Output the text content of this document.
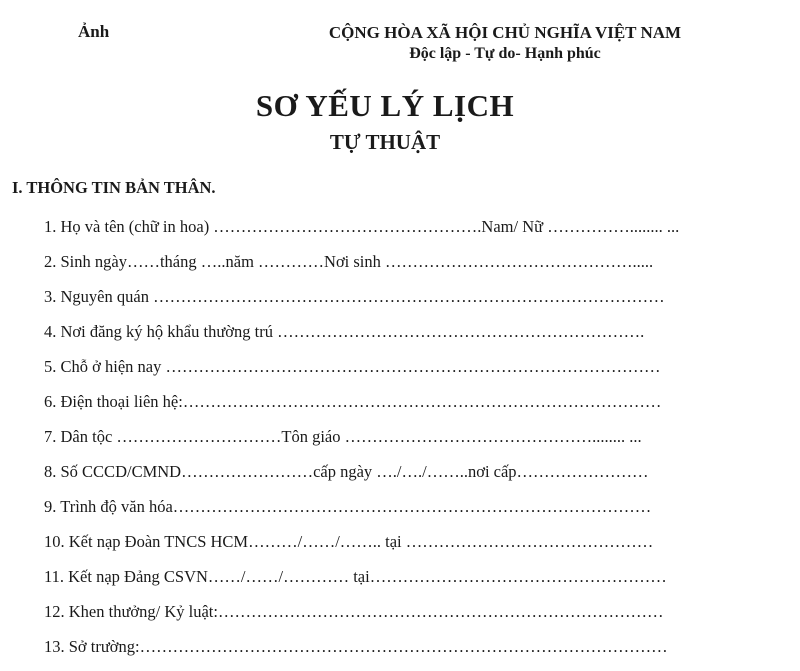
Ảnh	CỘNG HÒA XÃ HỘI CHỦ NGHĨA VIỆT NAM
Độc lập - Tự do- Hạnh phúc
SƠ YẾU LÝ LỊCH
TỰ THUẬT
I. THÔNG TIN BẢN THÂN.
1. Họ và tên (chữ in hoa) ………………………………………….Nam/ Nữ ……………........ ...
2. Sinh ngày……tháng …..năm …………Nơi sinh ……………………………………….....
3. Nguyên quán …………………………………………………………………………………
4. Nơi đăng ký hộ khẩu thường trú ………………………………………………………….
5. Chỗ ở hiện nay ………………………………………………………………………………
6. Điện thoại liên hệ:……………………………………………………………………………
7. Dân tộc …………………………Tôn giáo ………………………………………........ ...
8. Số CCCD/CMND……………………cấp ngày …./…./……..nơi cấp……………………
9. Trình độ văn hóa……………………………………………………………………………
10. Kết nạp Đoàn TNCS HCM………/……/…….. tại ………………………………………
11. Kết nạp Đảng CSVN……/……/………… tại………………………………………………
12. Khen thưởng/ Kỷ luật:………………………………………………………………………
13. Sở trường:……………………………………………………………………………………
